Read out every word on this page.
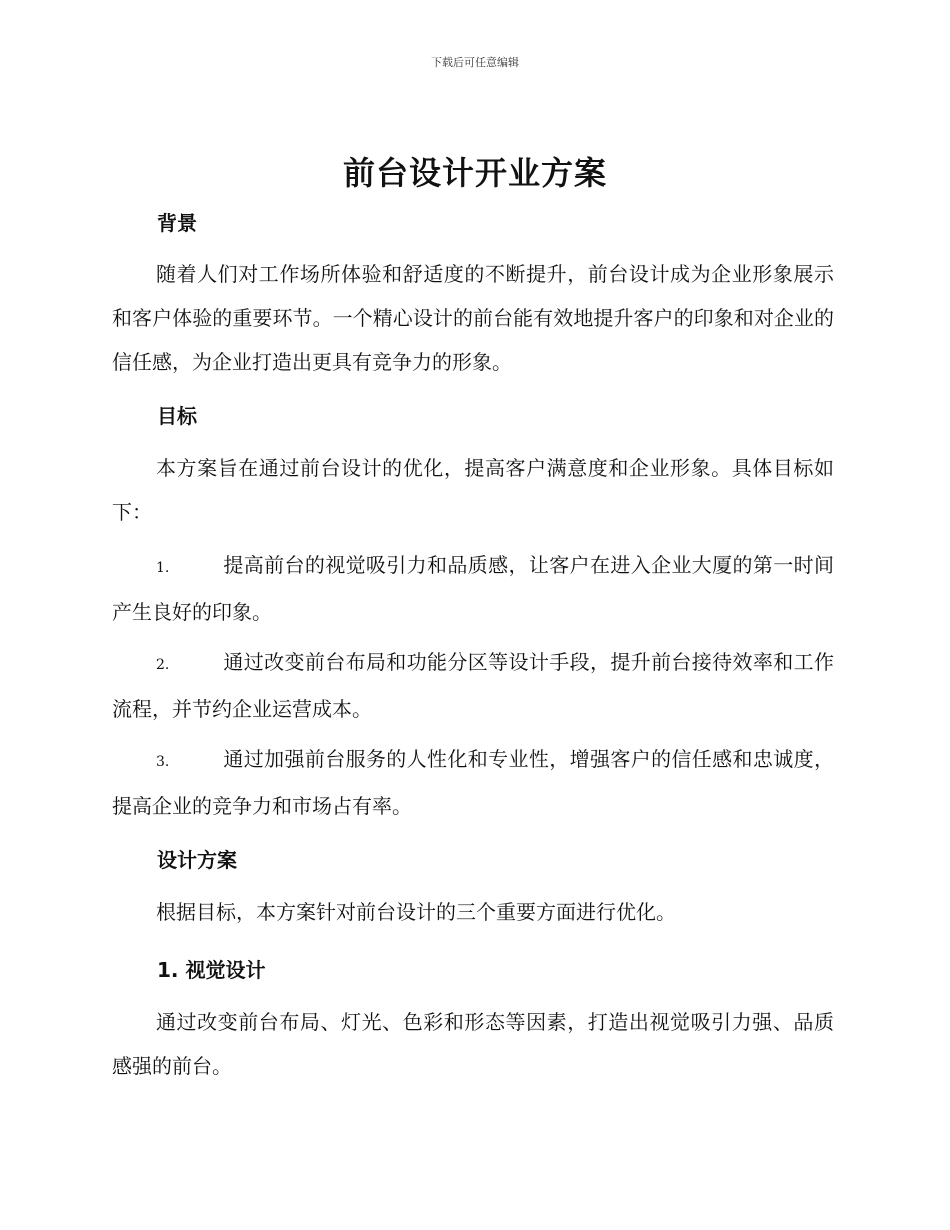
下载后可任意编辑
前台设计开业方案
背景

随着人们对工作场所体验和舒适度的不断提升，前台设计成为企业形象展示和客户体验的重要环节。一个精心设计的前台能有效地提升客户的印象和对企业的信任感，为企业打造出更具有竞争力的形象。

目标

本方案旨在通过前台设计的优化，提高客户满意度和企业形象。具体目标如下：

1.	提高前台的视觉吸引力和品质感，让客户在进入企业大厦的第一时间产生良好的印象。

2.	通过改变前台布局和功能分区等设计手段，提升前台接待效率和工作流程，并节约企业运营成本。

3.	通过加强前台服务的人性化和专业性，增强客户的信任感和忠诚度，提高企业的竞争力和市场占有率。

设计方案

根据目标，本方案针对前台设计的三个重要方面进行优化。

1. 视觉设计

通过改变前台布局、灯光、色彩和形态等因素，打造出视觉吸引力强、品质感强的前台。
